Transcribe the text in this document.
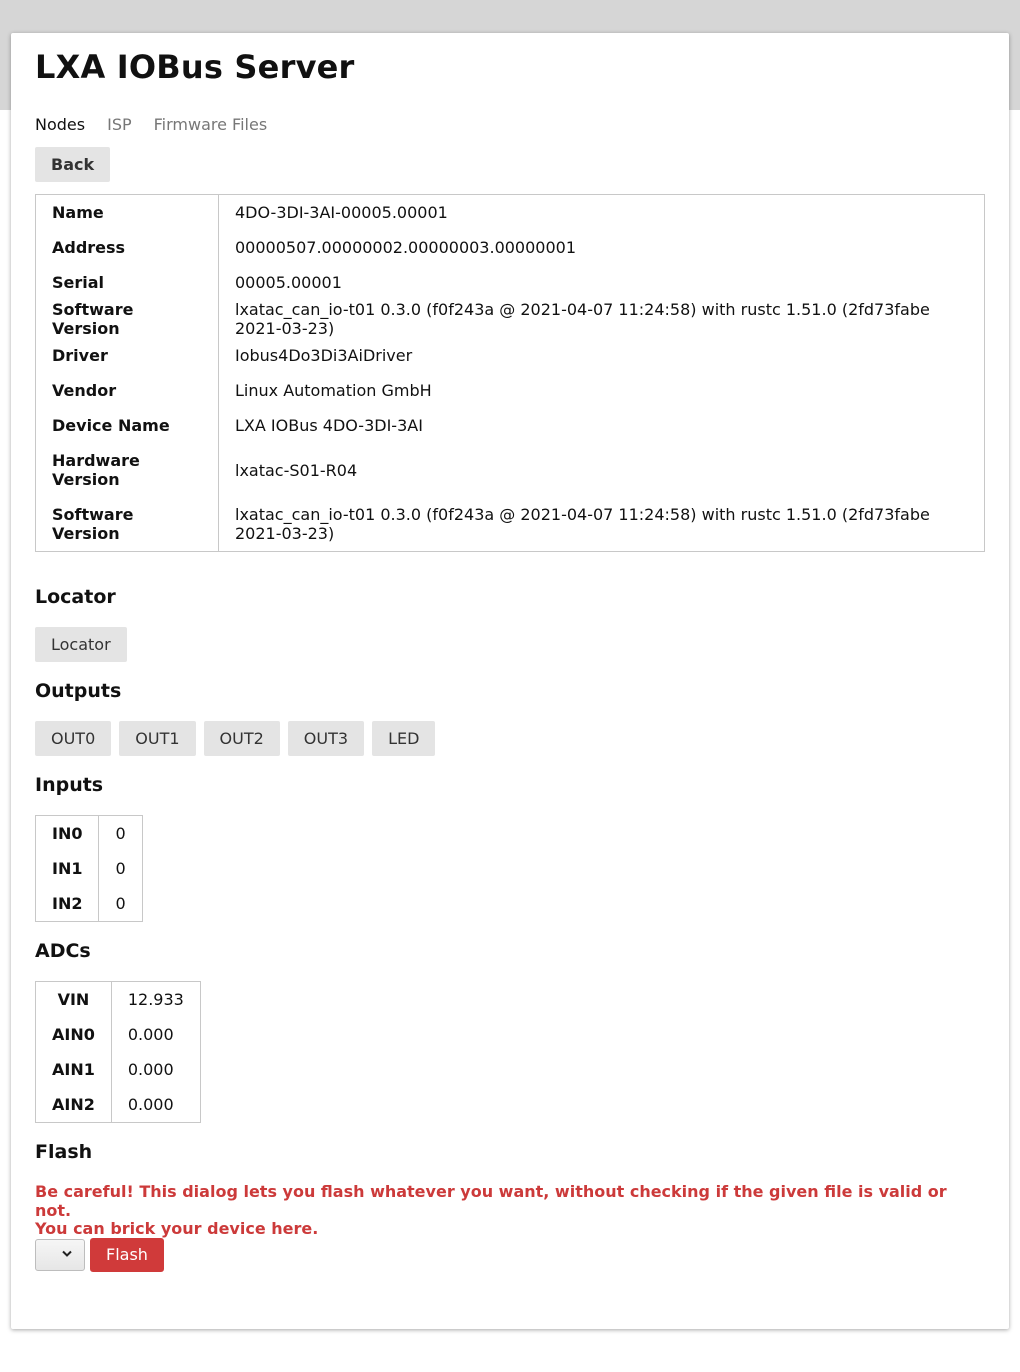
LXA IOBus Server
Nodes ISP Firmware Files
Back
Name	4DO-3DI-3AI-00005.00001
Address	00000507.00000002.00000003.00000001
Serial	00005.00001
Software Version	lxatac_can_io-t01 0.3.0 (f0f243a @ 2021-04-07 11:24:58) with rustc 1.51.0 (2fd73fabe 2021-03-23)
Driver	Iobus4Do3Di3AiDriver
Vendor	Linux Automation GmbH
Device Name	LXA IOBus 4DO-3DI-3AI
Hardware Version	lxatac-S01-R04
Software Version	lxatac_can_io-t01 0.3.0 (f0f243a @ 2021-04-07 11:24:58) with rustc 1.51.0 (2fd73fabe 2021-03-23)
Locator
Locator
Outputs
OUT0	OUT1	OUT2	OUT3	LED
Inputs
IN0	0
IN1	0
IN2	0
ADCs
VIN	12.933
AIN0	0.000
AIN1	0.000
AIN2	0.000
Flash
Be careful! This dialog lets you flash whatever you want, without checking if the given file is valid or not.
You can brick your device here.
Flash
